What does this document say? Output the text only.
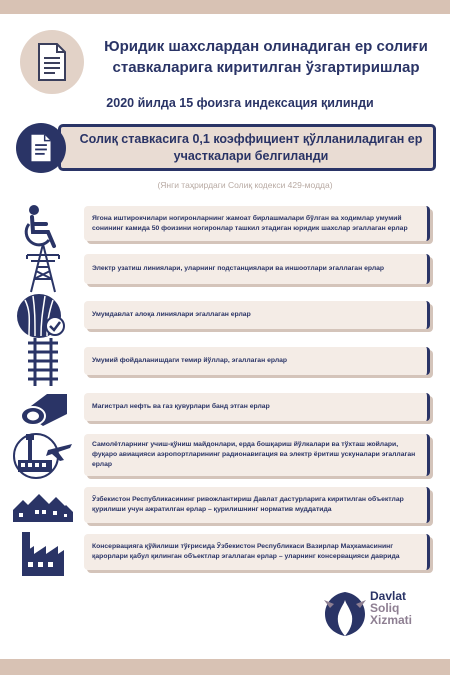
Юридик шахслардан олинадиган ер солиғи ставкаларига киритилган ўзгартиришлар
2020 йилда 15 фоизга индексация қилинди
Солиқ ставкасига 0,1 коэффициент қўлланиладиган ер участкалари белгиланди
(Янги таҳрирдаги Солиқ кодекси 429-модда)
Ягона иштирокчилари ногиронларнинг жамоат бирлашмалари бўлган ва ходимлар умумий сонининг камида 50 фоизини ногиронлар ташкил этадиган юридик шахслар эгаллаган ерлар
Электр узатиш линиялари, уларнинг подстанциялари ва иншоотлари эгаллаган ерлар
Умумдавлат алоқа линиялари эгаллаган ерлар
Умумий фойдаланишдаги темир йўллар, эгаллаган ерлар
Магистрал нефть ва газ қувурлари банд этган ерлар
Самолётларнинг учиш-қўниш майдонлари, ерда бошқариш йўлкалари ва тўхташ жойлари, фуқаро авиацияси аэропортларининг радионавигация ва электр ёритиш ускуналари эгаллаган ерлар
Ўзбекистон Республикасининг ривожлантириш Давлат дастурларига киритилган объектлар қурилиши учун ажратилган ерлар – қурилишнинг норматив муддатида
Консервацияга қўйилиши тўғрисида Ўзбекистон Республикаси Вазирлар Маҳкамасининг қарорлари қабул қилинган объектлар эгаллаган ерлар – уларнинг консервацияси даврида
Davlat
Soliq
Xizmati
